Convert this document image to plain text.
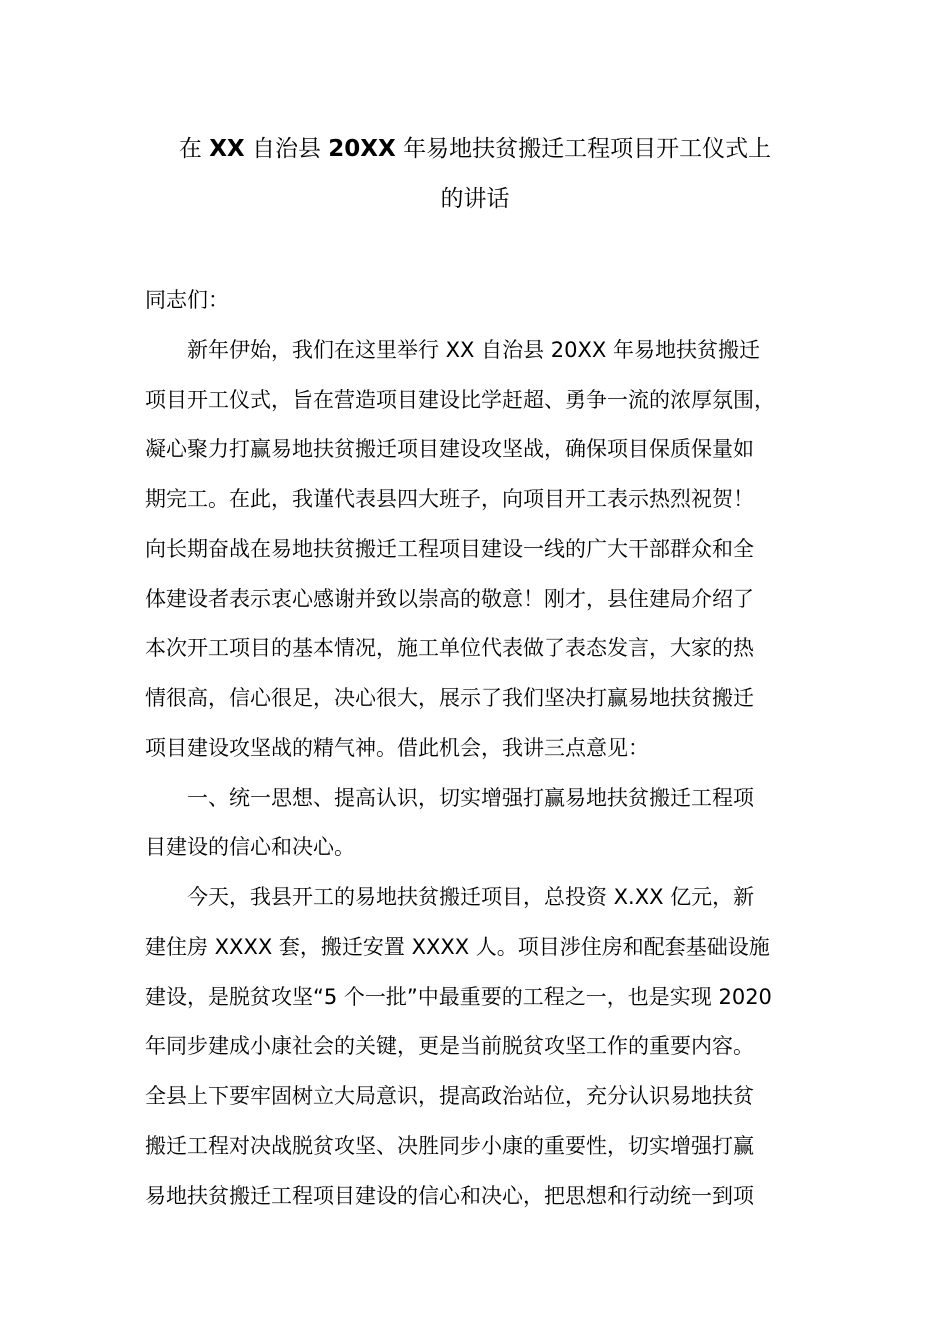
在 XX 自治县 20XX 年易地扶贫搬迁工程项目开工仪式上
的讲话
同志们：
　　新年伊始，我们在这里举行 XX 自治县 20XX 年易地扶贫搬迁
项目开工仪式，旨在营造项目建设比学赶超、勇争一流的浓厚氛围，
凝心聚力打赢易地扶贫搬迁项目建设攻坚战，确保项目保质保量如
期完工。在此，我谨代表县四大班子，向项目开工表示热烈祝贺！
向长期奋战在易地扶贫搬迁工程项目建设一线的广大干部群众和全
体建设者表示衷心感谢并致以崇高的敬意！刚才，县住建局介绍了
本次开工项目的基本情况，施工单位代表做了表态发言，大家的热
情很高，信心很足，决心很大，展示了我们坚决打赢易地扶贫搬迁
项目建设攻坚战的精气神。借此机会，我讲三点意见：
　　一、统一思想、提高认识，切实增强打赢易地扶贫搬迁工程项
目建设的信心和决心。
　　今天，我县开工的易地扶贫搬迁项目，总投资 X.XX 亿元，新
建住房 XXXX 套，搬迁安置 XXXX 人。项目涉住房和配套基础设施
建设，是脱贫攻坚“5 个一批”中最重要的工程之一，也是实现 2020
年同步建成小康社会的关键，更是当前脱贫攻坚工作的重要内容。
全县上下要牢固树立大局意识，提高政治站位，充分认识易地扶贫
搬迁工程对决战脱贫攻坚、决胜同步小康的重要性，切实增强打赢
易地扶贫搬迁工程项目建设的信心和决心，把思想和行动统一到项
